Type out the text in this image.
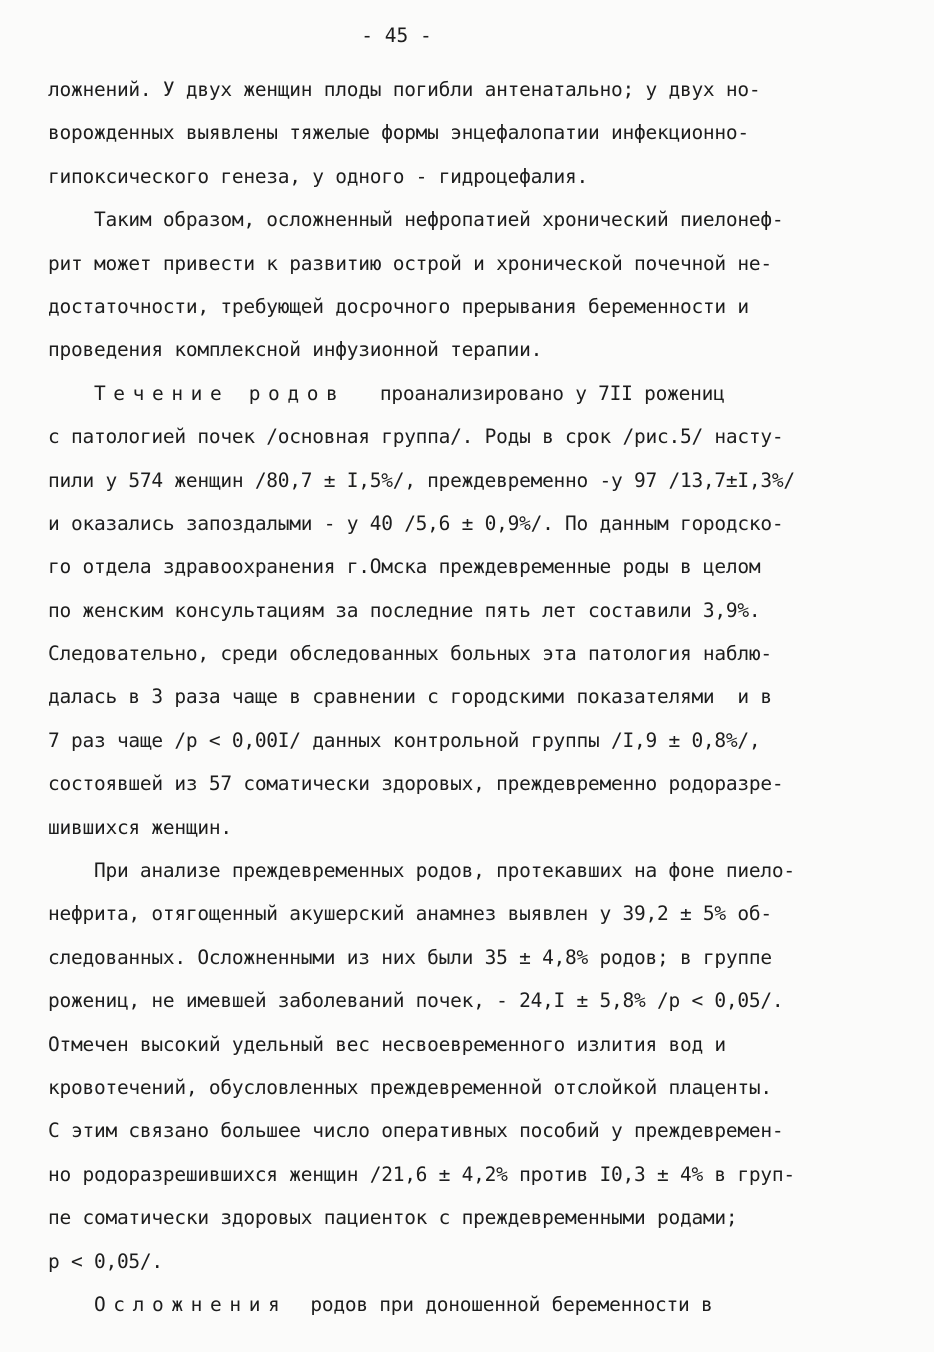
- 45 -
ложнений. У двух женщин плоды погибли антенатально; у двух но-
ворожденных выявлены тяжелые формы энцефалопатии инфекционно-
гипоксического генеза, у одного - гидроцефалия.
Таким образом, осложненный нефропатией хронический пиелонеф-
рит может привести к развитию острой и хронической почечной не-
достаточности, требующей досрочного прерывания беременности и
проведения комплексной инфузионной терапии.
Течение родов проанализировано у 7II рожениц
с патологией почек /основная группа/. Роды в срок /рис.5/ насту-
пили у 574 женщин /80,7 ± I,5%/, преждевременно -у 97 /13,7±I,3%/
и оказались запоздалыми - у 40 /5,6 ± 0,9%/. По данным городско-
го отдела здравоохранения г.Омска преждевременные роды в целом
по женским консультациям за последние пять лет составили 3,9%.
Следовательно, среди обследованных больных эта патология наблю-
далась в 3 раза чаще в сравнении с городскими показателями  и в
7 раз чаще /p < 0,00I/ данных контрольной группы /I,9 ± 0,8%/,
состоявшей из 57 соматически здоровых, преждевременно родоразре-
шившихся женщин.
При анализе преждевременных родов, протекавших на фоне пиело-
нефрита, отягощенный акушерский анамнез выявлен у 39,2 ± 5% об-
следованных. Осложненными из них были 35 ± 4,8% родов; в группе
рожениц, не имевшей заболеваний почек, - 24,I ± 5,8% /p < 0,05/.
Отмечен высокий удельный вес несвоевременного излития вод и
кровотечений, обусловленных преждевременной отслойкой плаценты.
С этим связано большее число оперативных пособий у преждевремен-
но родоразрешившихся женщин /21,6 ± 4,2% против I0,3 ± 4% в груп-
пе соматически здоровых пациенток с преждевременными родами;
p < 0,05/.
Осложнения родов при доношенной беременности в
